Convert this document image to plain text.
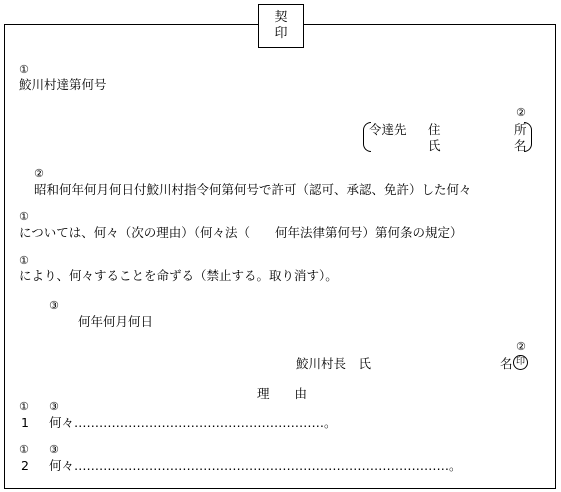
契
印
①
鮫川村達第何号
②
令達先 住	所
氏	名
②
昭和何年何月何日付鮫川村指令何第何号で許可（認可、承認、免許）した何々
①
については、何々（次の理由）（何々法（　　何年法律第何号）第何条の規定）
①
により、何々することを命ずる（禁止する。取り消す）。
③
何年何月何日
②
鮫川村長　氏	名 印
理　　由
① ③
1 何々……………………………………………………。
① ③
2 何々………………………………………………………………………………。
